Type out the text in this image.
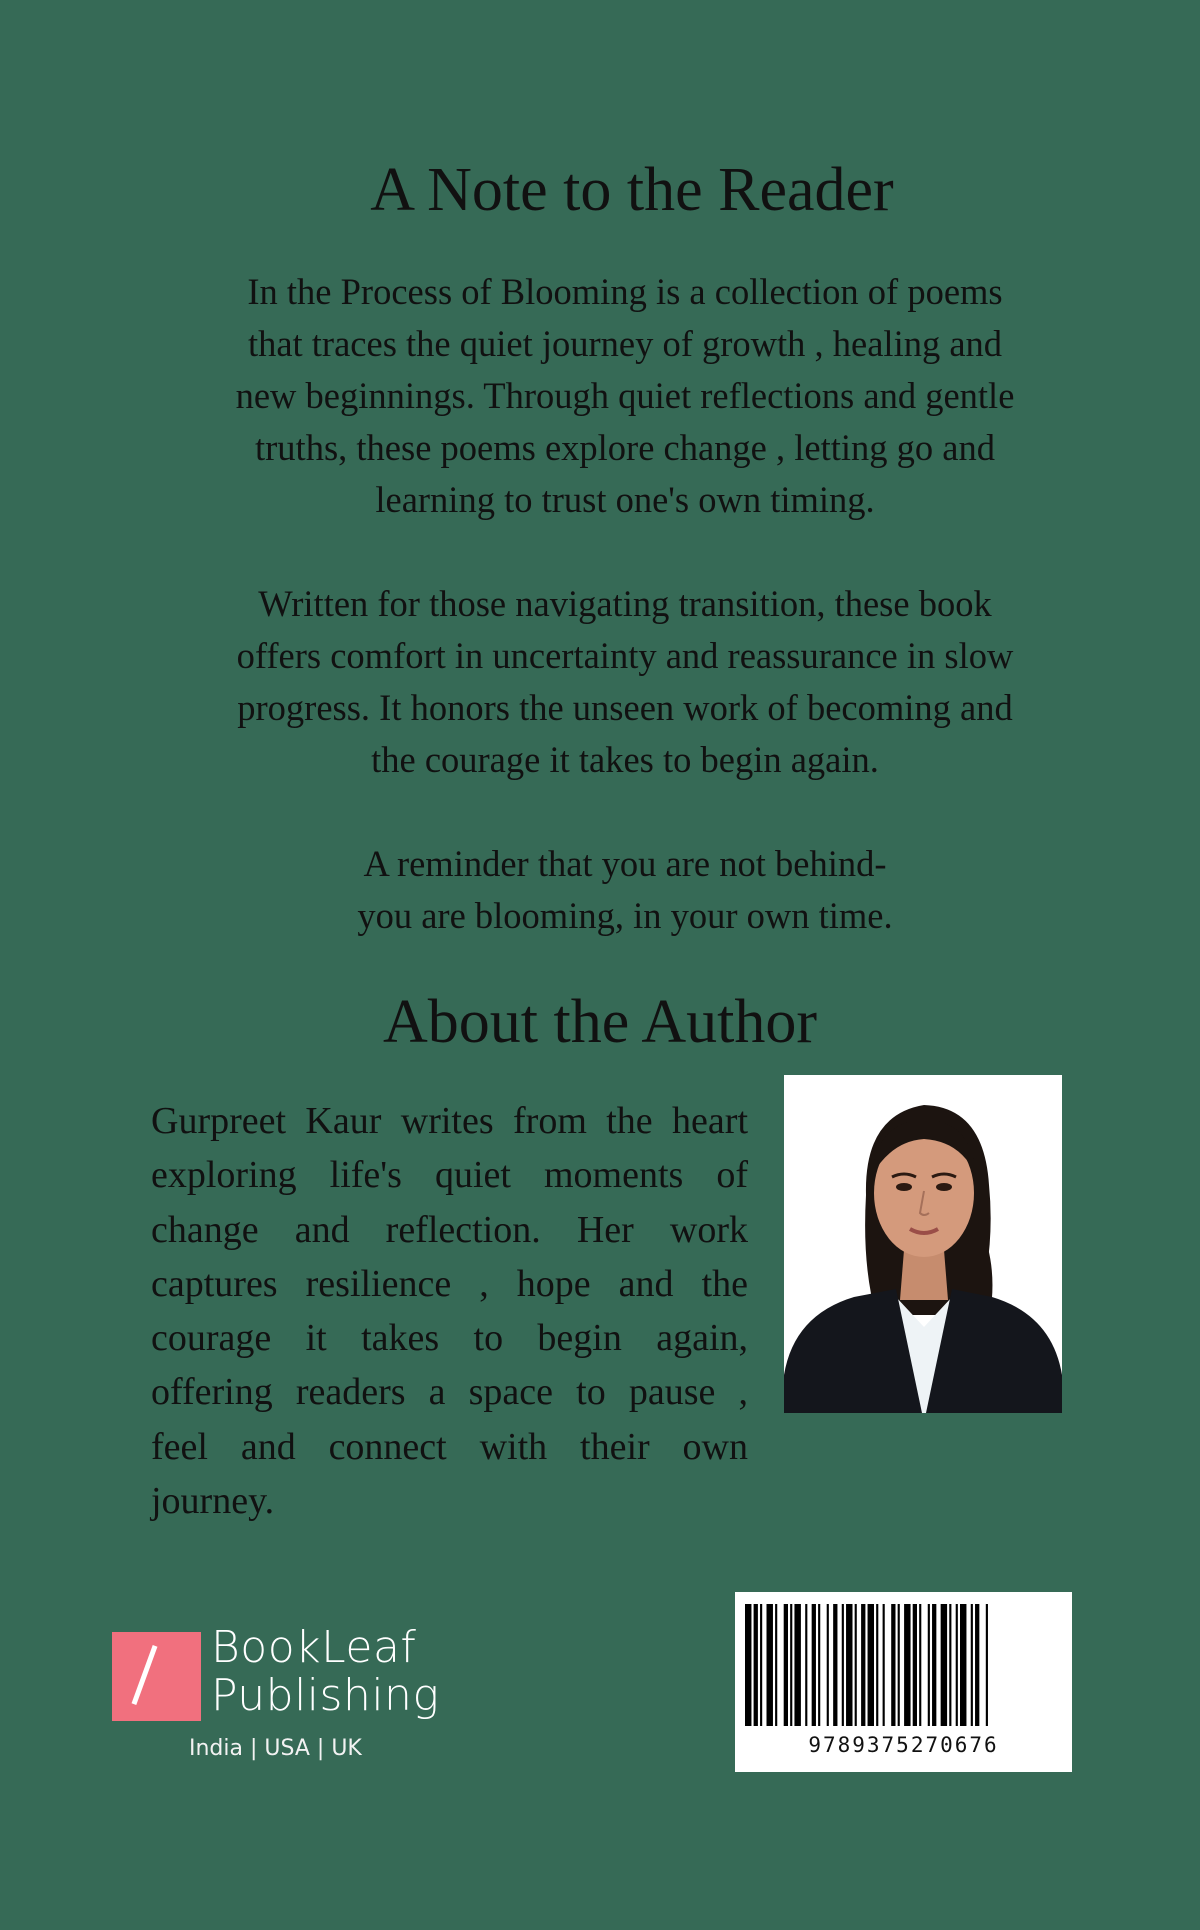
A Note to the Reader
In the Process of Blooming is a collection of poems
that traces the quiet journey of growth , healing and
new beginnings. Through quiet reflections and gentle
truths, these poems explore change , letting go and
learning to trust one's own timing.
Written for those navigating transition, these book
offers comfort in uncertainty and reassurance in slow
progress. It honors the unseen work of becoming and
the courage it takes to begin again.
A reminder that you are not behind-
you are blooming, in your own time.
About the Author
Gurpreet Kaur writes from the heart
exploring life's quiet moments of
change and reflection. Her work
captures resilience , hope and the
courage it takes to begin again,
offering readers a space to pause ,
feel and connect with their own
journey.
BookLeaf
Publishing
India | USA | UK	9789375270676
